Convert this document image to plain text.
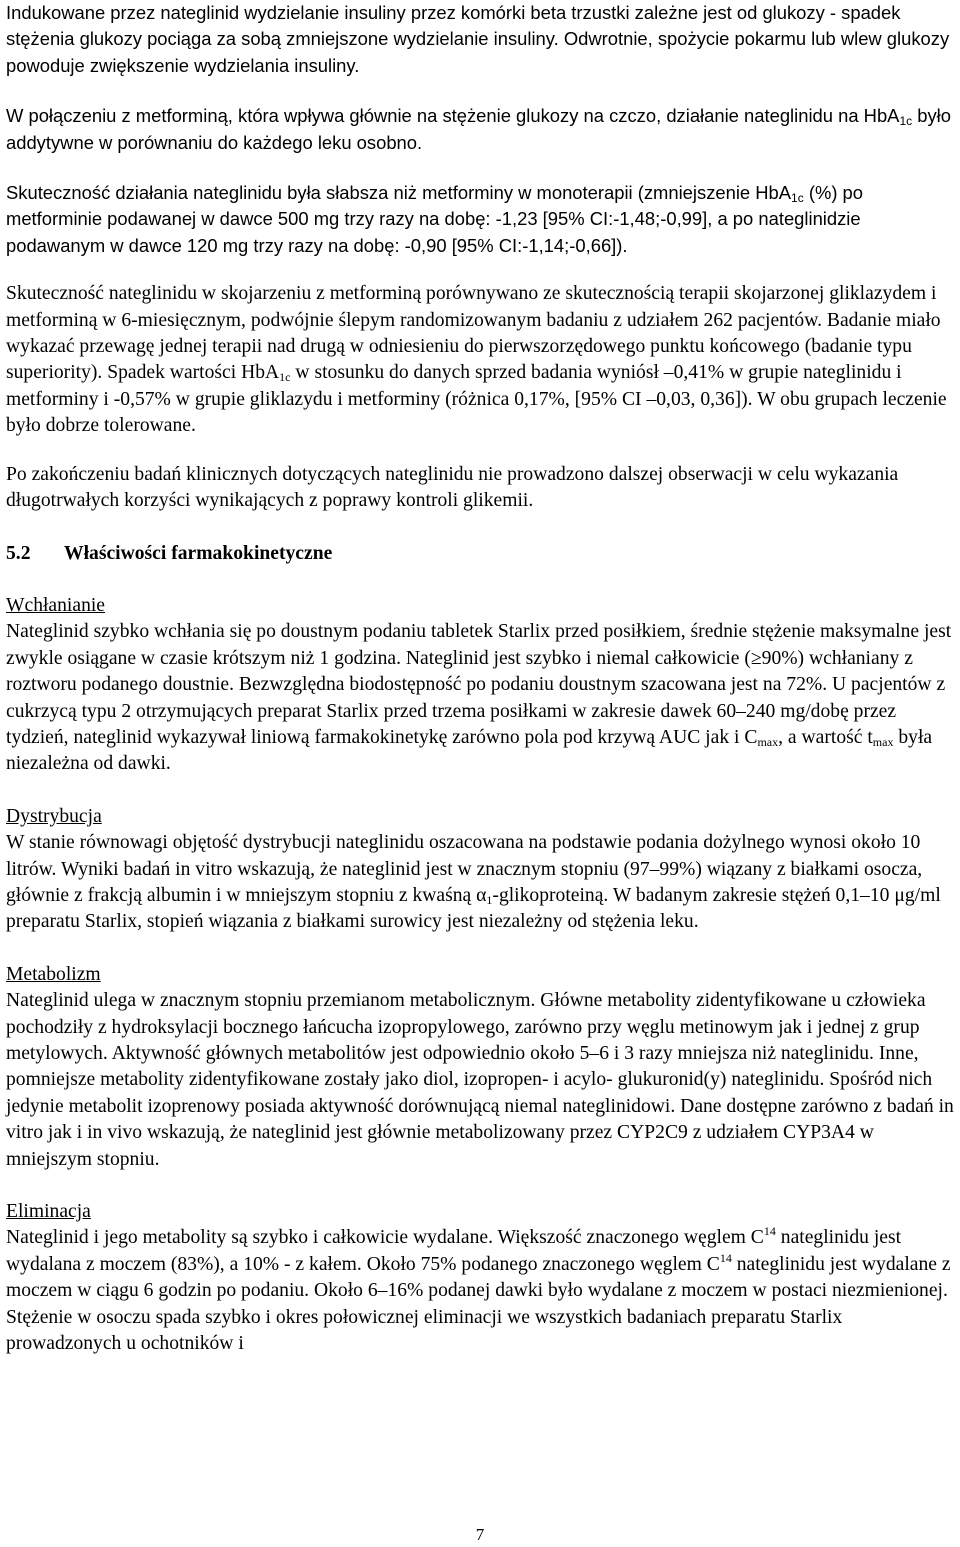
Indukowane przez nateglinid wydzielanie insuliny przez komórki beta trzustki zależne jest od glukozy - spadek stężenia glukozy pociąga za sobą zmniejszone wydzielanie insuliny. Odwrotnie, spożycie pokarmu lub wlew glukozy powoduje zwiększenie wydzielania insuliny.

W połączeniu z metforminą, która wpływa głównie na stężenie glukozy na czczo, działanie nateglinidu na HbA$_{1c}$ było addytywne w porównaniu do każdego leku osobno.

Skuteczność działania nateglinidu była słabsza niż metforminy w monoterapii (zmniejszenie HbA$_{1c}$ (%) po metforminie podawanej w dawce 500 mg trzy razy na dobę: -1,23 [95% CI:-1,48;-0,99], a po nateglinidzie podawanym w dawce 120 mg trzy razy na dobę: -0,90 [95% CI:-1,14;-0,66]).

Skuteczność nateglinidu w skojarzeniu z metforminą porównywano ze skutecznością terapii skojarzonej gliklazydem i metforminą w 6-miesięcznym, podwójnie ślepym randomizowanym badaniu z udziałem 262 pacjentów. Badanie miało wykazać przewagę jednej terapii nad drugą w odniesieniu do pierwszorzędowego punktu końcowego (badanie typu superiority). Spadek wartości HbA$_{1c}$ w stosunku do danych sprzed badania wyniósł –0,41% w grupie nateglinidu i metforminy i -0,57% w grupie gliklazydu i metforminy (różnica 0,17%, [95% CI –0,03, 0,36]). W obu grupach leczenie było dobrze tolerowane.

Po zakończeniu badań klinicznych dotyczących nateglinidu nie prowadzono dalszej obserwacji w celu wykazania długotrwałych korzyści wynikających z poprawy kontroli glikemii.

5.2 Właściwości farmakokinetyczne

Wchłanianie

Nateglinid szybko wchłania się po doustnym podaniu tabletek Starlix przed posiłkiem, średnie stężenie maksymalne jest zwykle osiągane w czasie krótszym niż 1 godzina. Nateglinid jest szybko i niemal całkowicie (≥90%) wchłaniany z roztworu podanego doustnie. Bezwzględna biodostępność po podaniu doustnym szacowana jest na 72%. U pacjentów z cukrzycą typu 2 otrzymujących preparat Starlix przed trzema posiłkami w zakresie dawek 60–240 mg/dobę przez tydzień, nateglinid wykazywał liniową farmakokinetykę zarówno pola pod krzywą AUC jak i $C_{max}$, a wartość $t_{max}$ była niezależna od dawki.

Dystrybucja

W stanie równowagi objętość dystrybucji nateglinidu oszacowana na podstawie podania dożylnego wynosi około 10 litrów. Wyniki badań in vitro wskazują, że nateglinid jest w znacznym stopniu (97–99%) wiązany z białkami osocza, głównie z frakcją albumin i w mniejszym stopniu z kwaśną $\alpha_1$-glikoproteiną. W badanym zakresie stężeń 0,1–10 μg/ml preparatu Starlix, stopień wiązania z białkami surowicy jest niezależny od stężenia leku.

Metabolizm

Nateglinid ulega w znacznym stopniu przemianom metabolicznym. Główne metabolity zidentyfikowane u człowieka pochodziły z hydroksylacji bocznego łańcucha izopropylowego, zarówno przy węglu metinowym jak i jednej z grup metylowych. Aktywność głównych metabolitów jest odpowiednio około 5–6 i 3 razy mniejsza niż nateglinidu. Inne, pomniejsze metabolity zidentyfikowane zostały jako diol, izopropen- i acylo- glukuronid(y) nateglinidu. Spośród nich jedynie metabolit izoprenowy posiada aktywność dorównującą niemal nateglinidowi. Dane dostępne zarówno z badań in vitro jak i in vivo wskazują, że nateglinid jest głównie metabolizowany przez CYP2C9 z udziałem CYP3A4 w mniejszym stopniu.

Eliminacja

Nateglinid i jego metabolity są szybko i całkowicie wydalane. Większość znaczonego węglem $C^{14}$ nateglinidu jest wydalana z moczem (83%), a 10% - z kałem. Około 75% podanego znaczonego węglem $C^{14}$ nateglinidu jest wydalane z moczem w ciągu 6 godzin po podaniu. Około 6–16% podanej dawki było wydalane z moczem w postaci niezmienionej. Stężenie w osoczu spada szybko i okres połowicznej eliminacji we wszystkich badaniach preparatu Starlix prowadzonych u ochotników i

7
